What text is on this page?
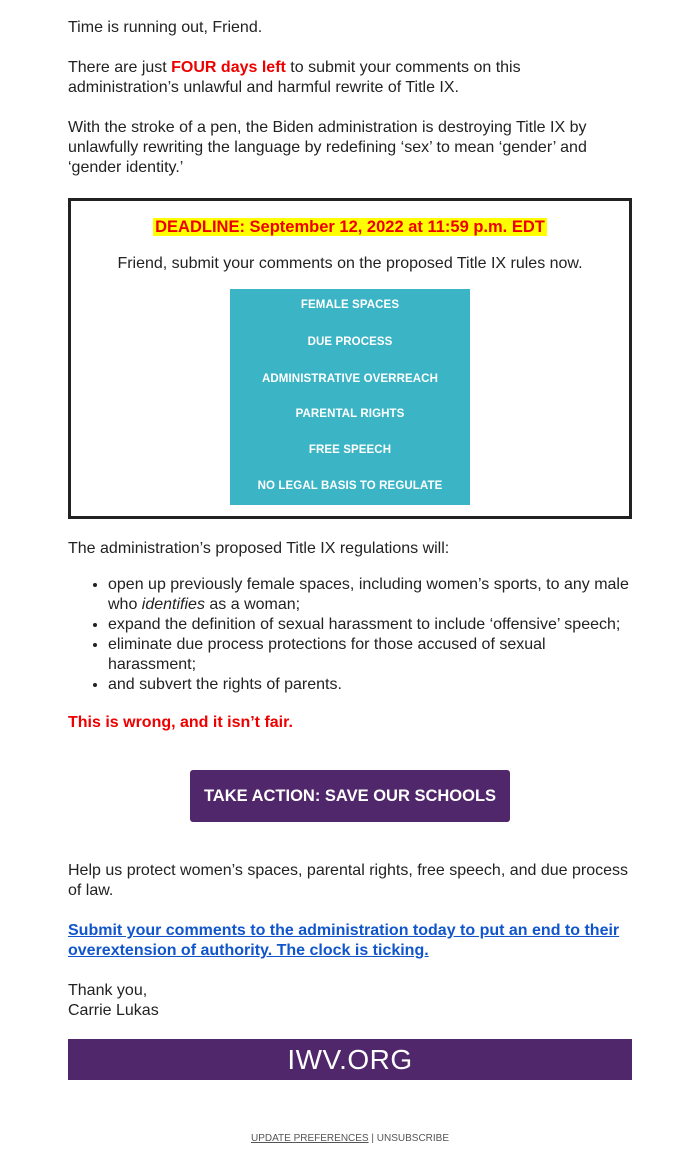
Time is running out, Friend.

There are just FOUR days left to submit your comments on this administration’s unlawful and harmful rewrite of Title IX.

With the stroke of a pen, the Biden administration is destroying Title IX by unlawfully rewriting the language by redefining ‘sex’ to mean ‘gender’ and ‘gender identity.’

DEADLINE: September 12, 2022 at 11:59 p.m. EDT
Friend, submit your comments on the proposed Title IX rules now.
FEMALE SPACES
DUE PROCESS
ADMINISTRATIVE OVERREACH
PARENTAL RIGHTS
FREE SPEECH
NO LEGAL BASIS TO REGULATE

The administration’s proposed Title IX regulations will:

• open up previously female spaces, including women’s sports, to any male who identifies as a woman;
• expand the definition of sexual harassment to include ‘offensive’ speech;
• eliminate due process protections for those accused of sexual harassment;
• and subvert the rights of parents.

This is wrong, and it isn’t fair.

TAKE ACTION: SAVE OUR SCHOOLS

Help us protect women’s spaces, parental rights, free speech, and due process of law.

Submit your comments to the administration today to put an end to their overextension of authority. The clock is ticking.

Thank you,

Carrie Lukas

IWV.ORG
UPDATE PREFERENCES | UNSUBSCRIBE
